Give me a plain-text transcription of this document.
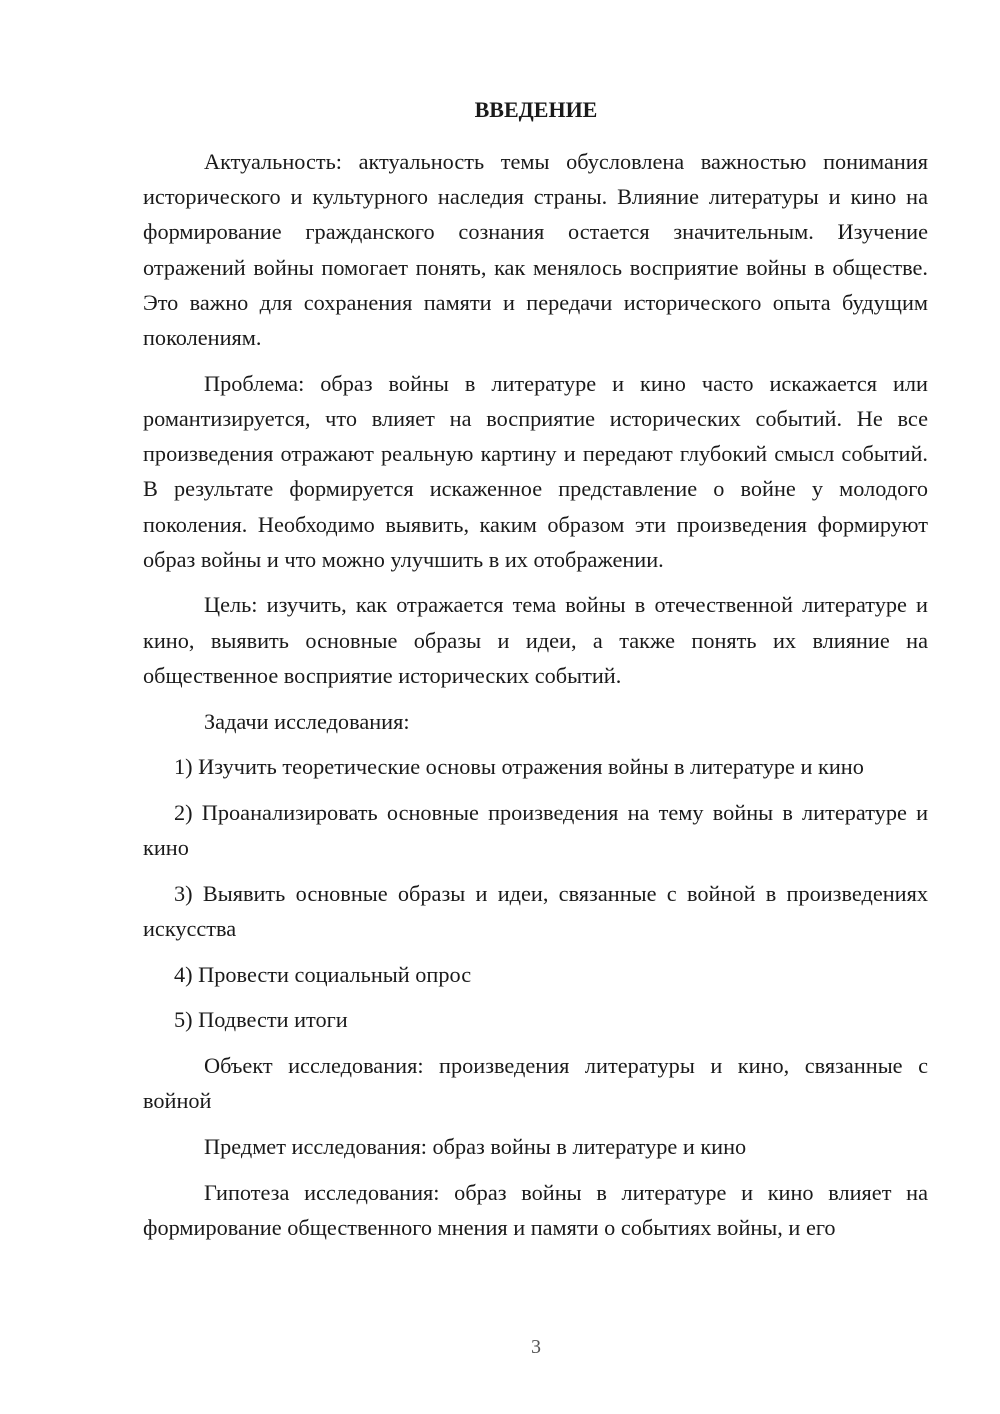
ВВЕДЕНИЕ

Актуальность: актуальность темы обусловлена важностью понимания исторического и культурного наследия страны. Влияние литературы и кино на формирование гражданского сознания остается значительным. Изучение отражений войны помогает понять, как менялось восприятие войны в обществе. Это важно для сохранения памяти и передачи исторического опыта будущим поколениям.

Проблема: образ войны в литературе и кино часто искажается или романтизируется, что влияет на восприятие исторических событий. Не все произведения отражают реальную картину и передают глубокий смысл событий. В результате формируется искаженное представление о войне у молодого поколения. Необходимо выявить, каким образом эти произведения формируют образ войны и что можно улучшить в их отображении.

Цель: изучить, как отражается тема войны в отечественной литературе и кино, выявить основные образы и идеи, а также понять их влияние на общественное восприятие исторических событий.

Задачи исследования:

1) Изучить теоретические основы отражения войны в литературе и кино

2) Проанализировать основные произведения на тему войны в литературе и кино

3) Выявить основные образы и идеи, связанные с войной в произведениях искусства

4) Провести социальный опрос

5) Подвести итоги

Объект исследования: произведения литературы и кино, связанные с войной

Предмет исследования: образ войны в литературе и кино

Гипотеза исследования: образ войны в литературе и кино влияет на формирование общественного мнения и памяти о событиях войны, и его

3
